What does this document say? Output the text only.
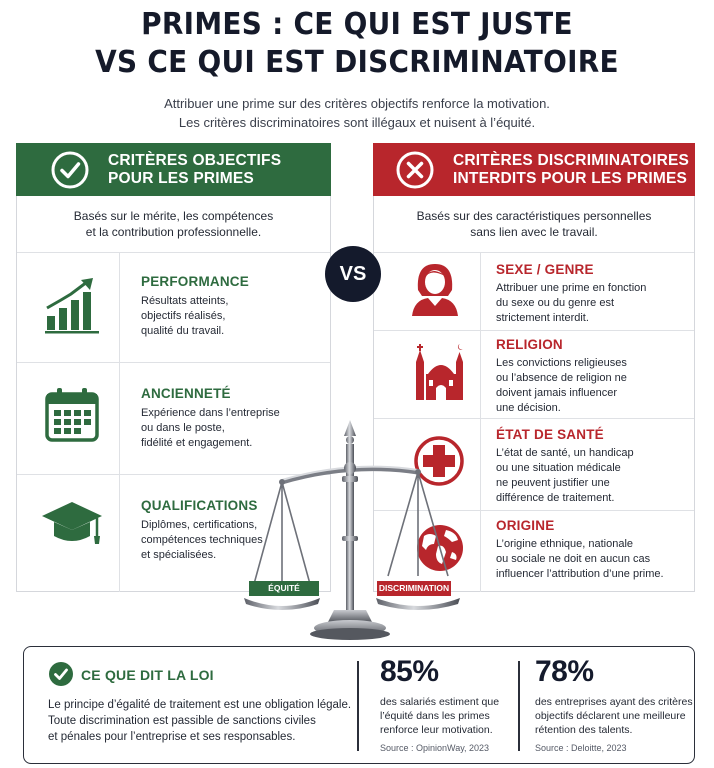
PRIMES : CE QUI EST JUSTE
VS CE QUI EST DISCRIMINATOIRE
Attribuer une prime sur des critères objectifs renforce la motivation.
Les critères discriminatoires sont illégaux et nuisent à l’équité.
CRITÈRES OBJECTIFS
POUR LES PRIMES
CRITÈRES DISCRIMINATOIRES
INTERDITS POUR LES PRIMES
Basés sur le mérite, les compétences
et la contribution professionnelle.
PERFORMANCE
Résultats atteints,
objectifs réalisés,
qualité du travail.
ANCIENNETÉ
Expérience dans l’entreprise
ou dans le poste,
fidélité et engagement.
QUALIFICATIONS
Diplômes, certifications,
compétences techniques
et spécialisées.
Basés sur des caractéristiques personnelles
sans lien avec le travail.
SEXE / GENRE
Attribuer une prime en fonction
du sexe ou du genre est
strictement interdit.
RELIGION
Les convictions religieuses
ou l’absence de religion ne
doivent jamais influencer
une décision.
ÉTAT DE SANTÉ
L’état de santé, un handicap
ou une situation médicale
ne peuvent justifier une
différence de traitement.
ORIGINE
L’origine ethnique, nationale
ou sociale ne doit en aucun cas
influencer l’attribution d’une prime.
VS
ÉQUITÉ	DISCRIMINATION
CE QUE DIT LA LOI
Le principe d’égalité de traitement est une obligation légale.
Toute discrimination est passible de sanctions civiles
et pénales pour l’entreprise et ses responsables.
85%
des salariés estiment que
l’équité dans les primes
renforce leur motivation.
Source : OpinionWay, 2023
78%
des entreprises ayant des critères
objectifs déclarent une meilleure
rétention des talents.
Source : Deloitte, 2023
